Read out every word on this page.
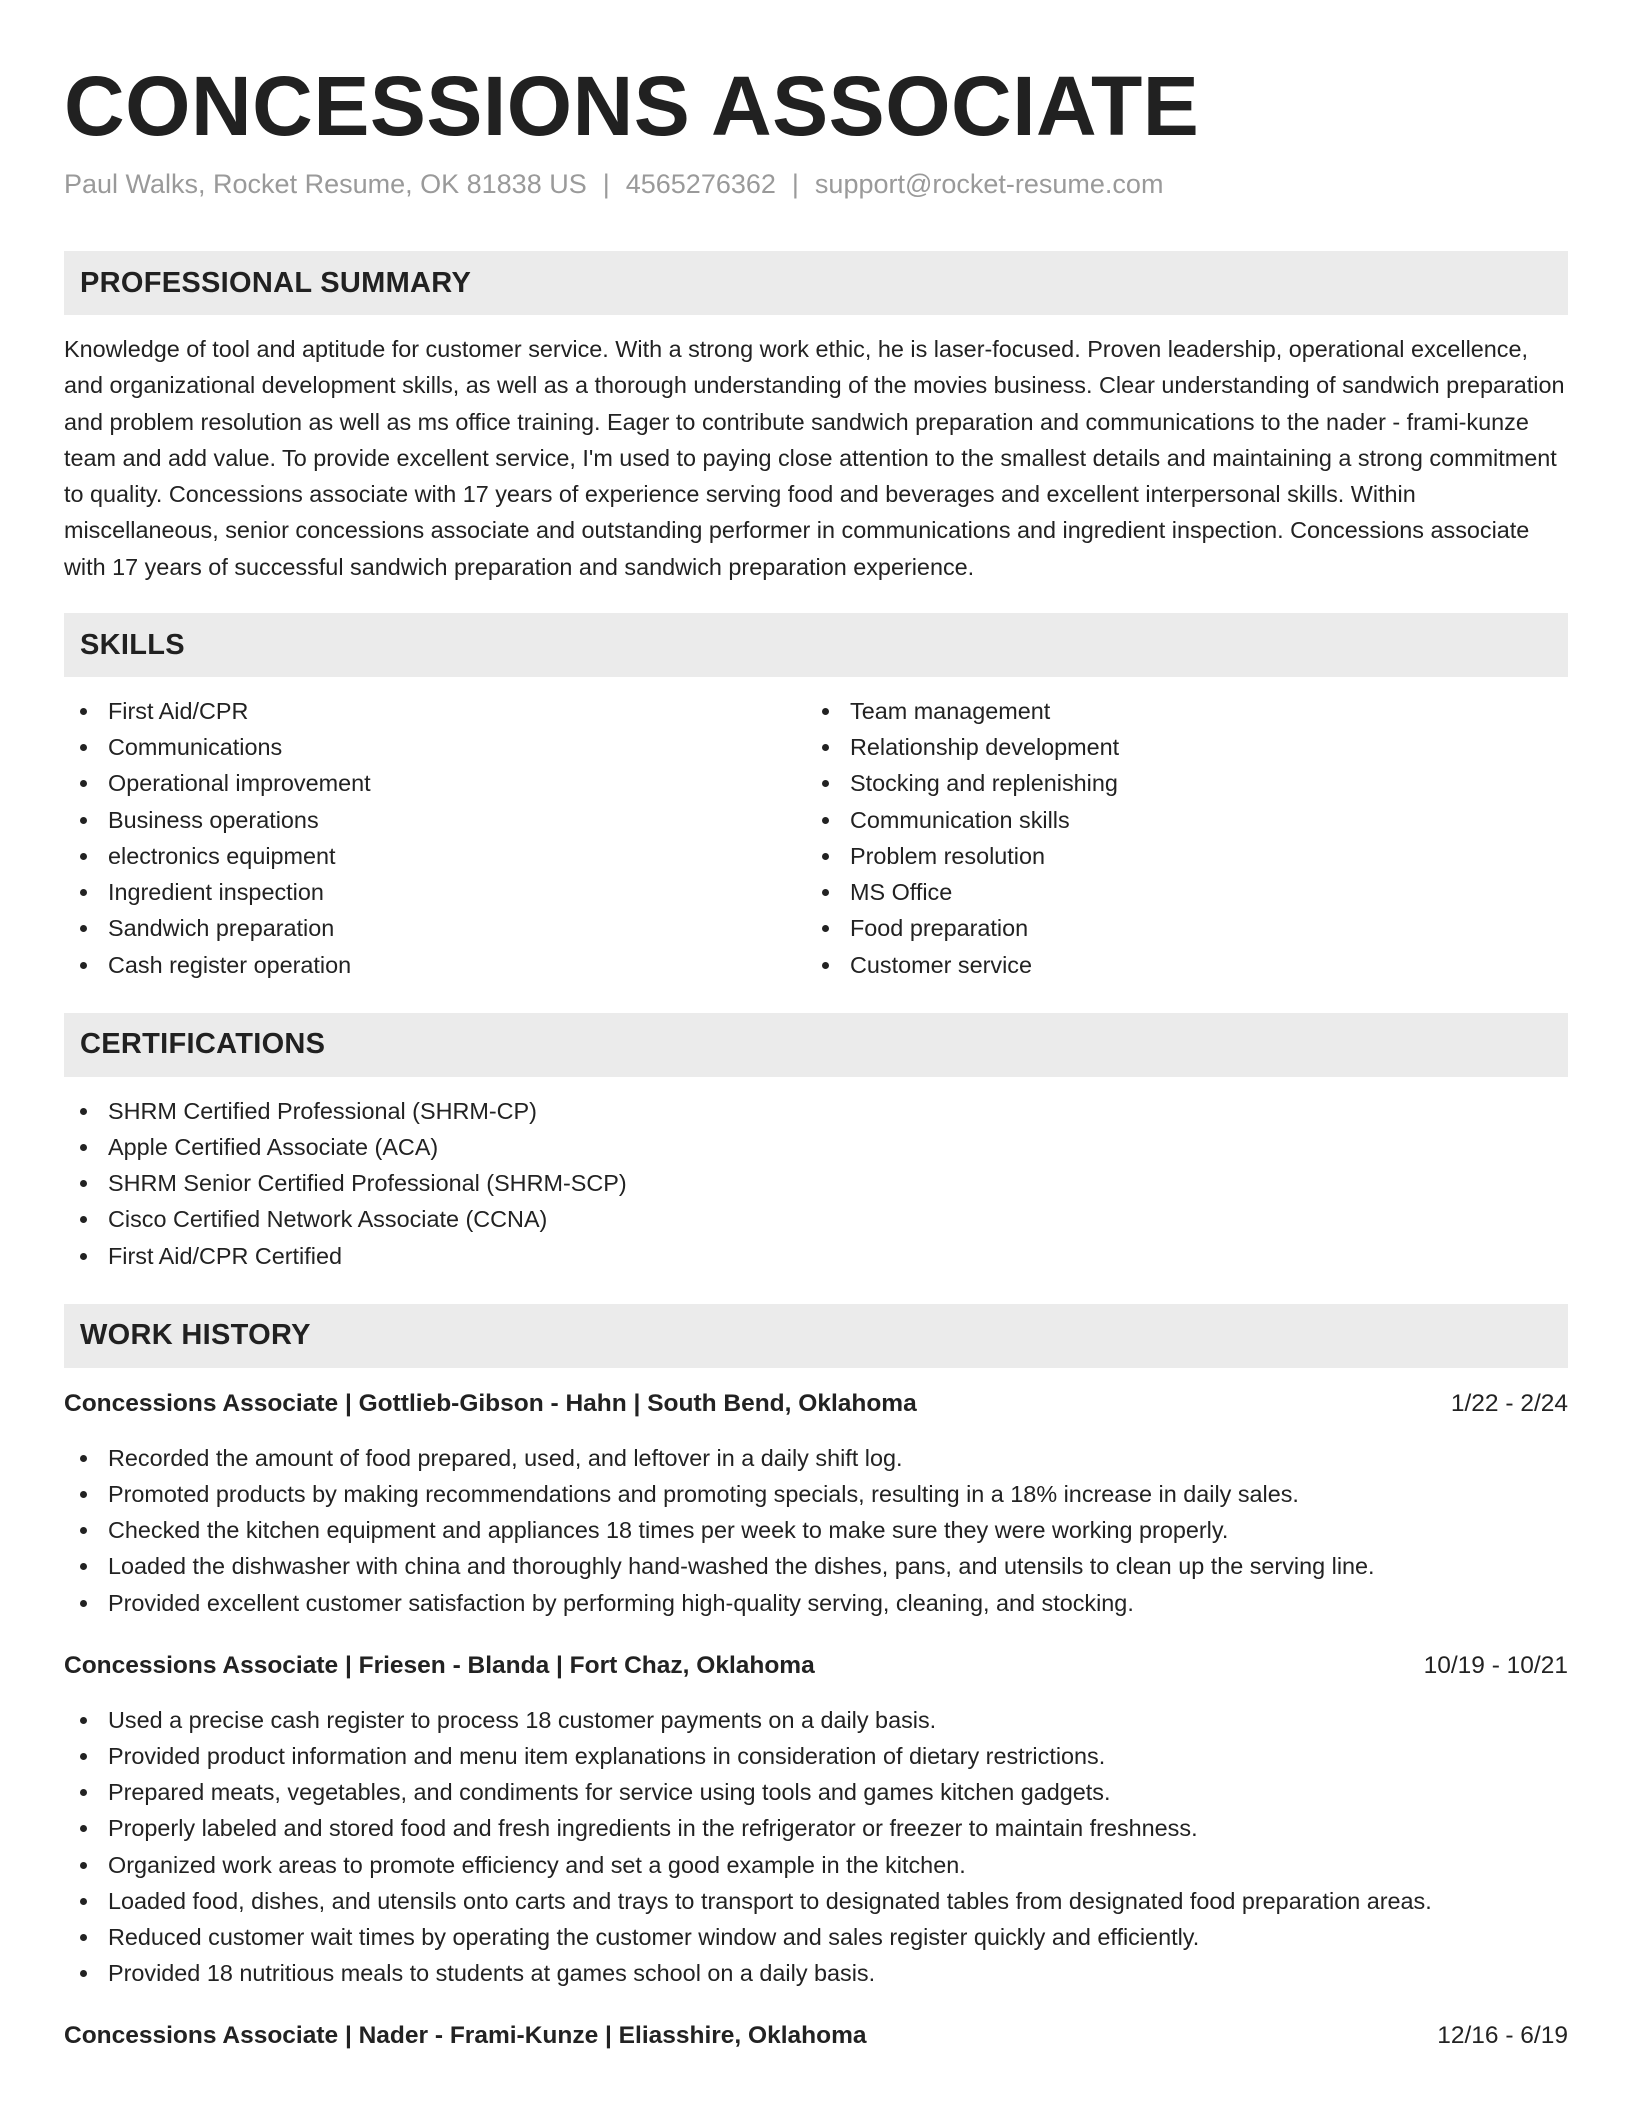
CONCESSIONS ASSOCIATE
Paul Walks, Rocket Resume, OK 81838 US | 4565276362 | support@rocket-resume.com
PROFESSIONAL SUMMARY

Knowledge of tool and aptitude for customer service. With a strong work ethic, he is laser-focused. Proven leadership, operational excellence, and organizational development skills, as well as a thorough understanding of the movies business. Clear understanding of sandwich preparation and problem resolution as well as ms office training. Eager to contribute sandwich preparation and communications to the nader - frami-kunze team and add value. To provide excellent service, I'm used to paying close attention to the smallest details and maintaining a strong commitment to quality. Concessions associate with 17 years of experience serving food and beverages and excellent interpersonal skills. Within miscellaneous, senior concessions associate and outstanding performer in communications and ingredient inspection. Concessions associate with 17 years of successful sandwich preparation and sandwich preparation experience.

SKILLS
First Aid/CPR
Communications
Operational improvement
Business operations
electronics equipment
Ingredient inspection
Sandwich preparation
Cash register operation
Team management
Relationship development
Stocking and replenishing
Communication skills
Problem resolution
MS Office
Food preparation
Customer service
CERTIFICATIONS
SHRM Certified Professional (SHRM-CP)
Apple Certified Associate (ACA)
SHRM Senior Certified Professional (SHRM-SCP)
Cisco Certified Network Associate (CCNA)
First Aid/CPR Certified
WORK HISTORY
Concessions Associate | Gottlieb-Gibson - Hahn | South Bend, Oklahoma	1/22 - 2/24
Recorded the amount of food prepared, used, and leftover in a daily shift log.
Promoted products by making recommendations and promoting specials, resulting in a 18% increase in daily sales.
Checked the kitchen equipment and appliances 18 times per week to make sure they were working properly.
Loaded the dishwasher with china and thoroughly hand-washed the dishes, pans, and utensils to clean up the serving line.
Provided excellent customer satisfaction by performing high-quality serving, cleaning, and stocking.
Concessions Associate | Friesen - Blanda | Fort Chaz, Oklahoma	10/19 - 10/21
Used a precise cash register to process 18 customer payments on a daily basis.
Provided product information and menu item explanations in consideration of dietary restrictions.
Prepared meats, vegetables, and condiments for service using tools and games kitchen gadgets.
Properly labeled and stored food and fresh ingredients in the refrigerator or freezer to maintain freshness.
Organized work areas to promote efficiency and set a good example in the kitchen.
Loaded food, dishes, and utensils onto carts and trays to transport to designated tables from designated food preparation areas.
Reduced customer wait times by operating the customer window and sales register quickly and efficiently.
Provided 18 nutritious meals to students at games school on a daily basis.
Concessions Associate | Nader - Frami-Kunze | Eliasshire, Oklahoma	12/16 - 6/19
